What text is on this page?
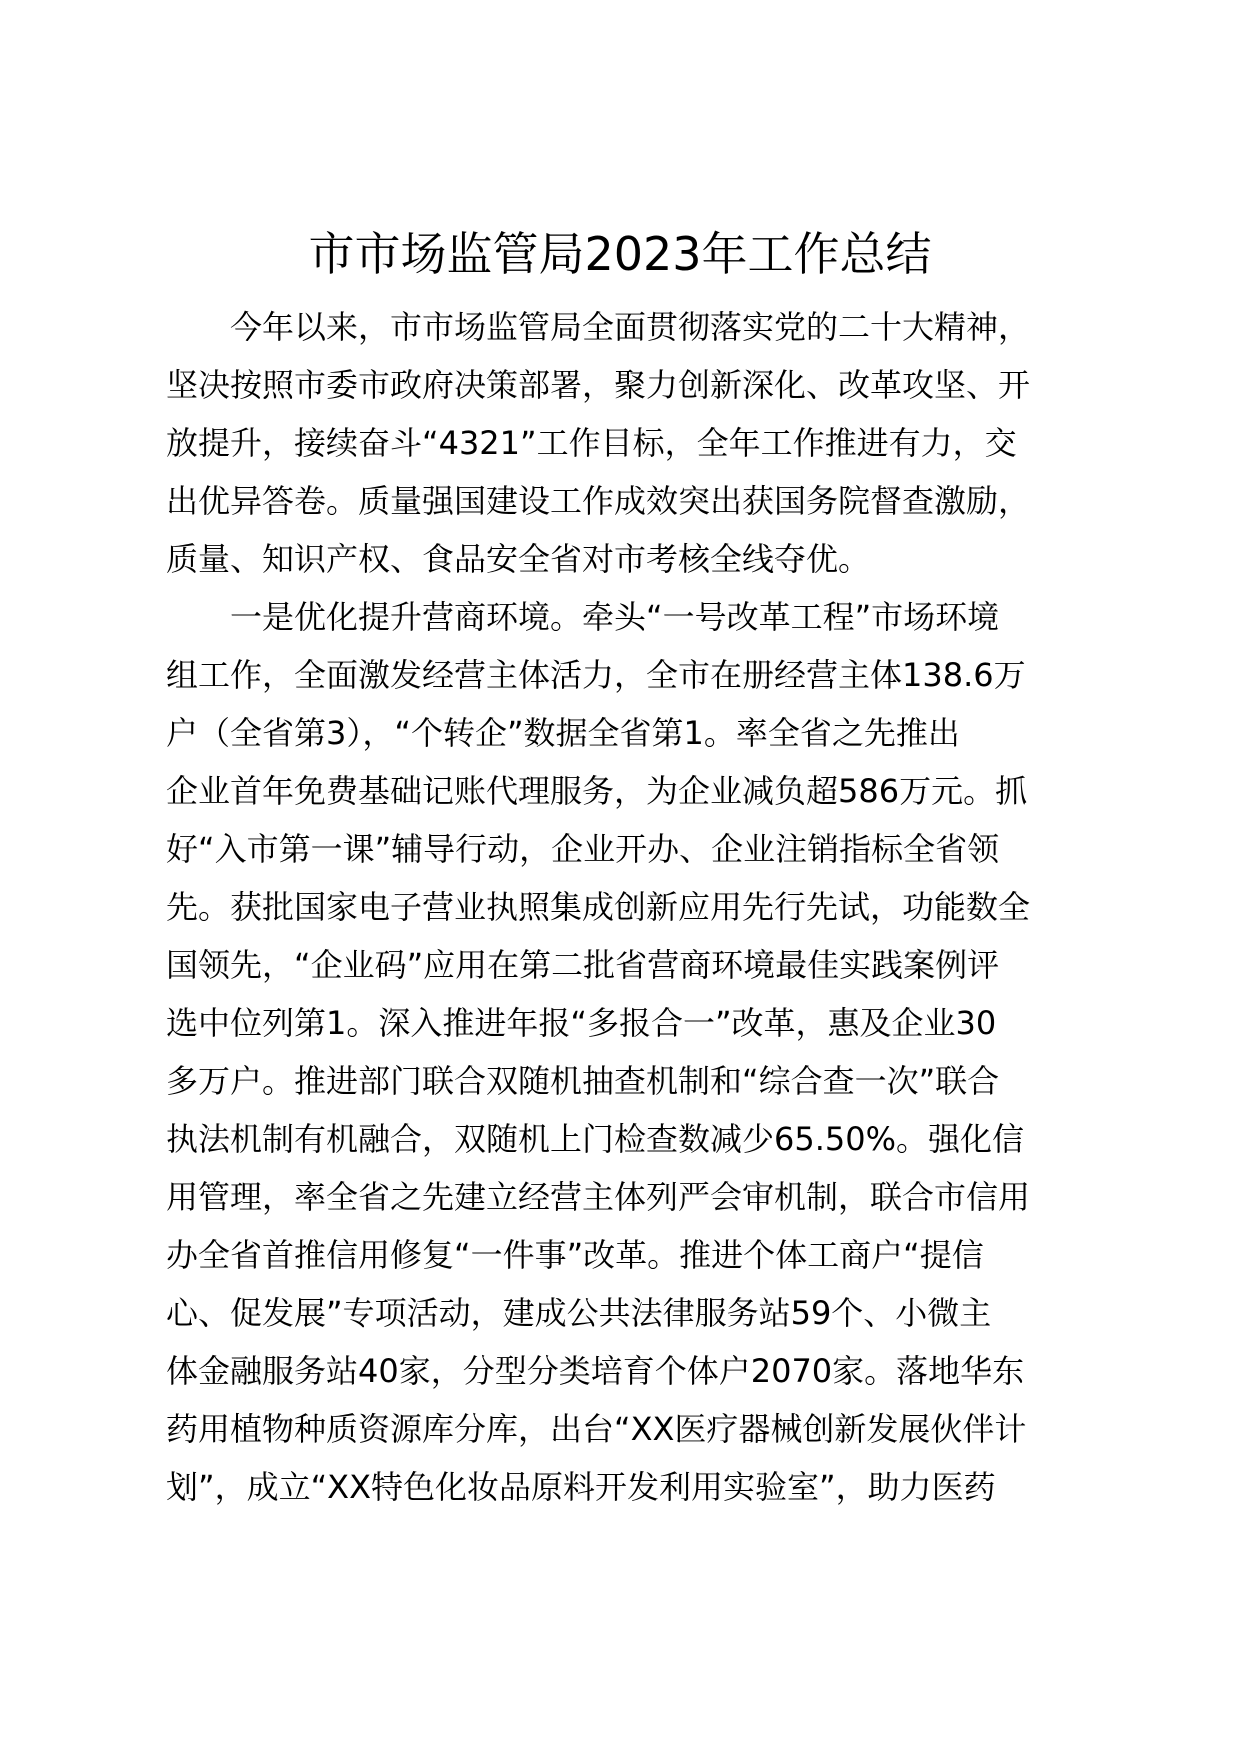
市市场监管局2023年工作总结

今年以来，市市场监管局全面贯彻落实党的二十大精神，
坚决按照市委市政府决策部署，聚力创新深化、改革攻坚、开
放提升，接续奋斗“4321”工作目标，全年工作推进有力，交
出优异答卷。质量强国建设工作成效突出获国务院督查激励，
质量、知识产权、食品安全省对市考核全线夺优。

一是优化提升营商环境。牵头“一号改革工程”市场环境
组工作，全面激发经营主体活力，全市在册经营主体138.6万
户（全省第3），“个转企”数据全省第1。率全省之先推出
企业首年免费基础记账代理服务，为企业减负超586万元。抓
好“入市第一课”辅导行动，企业开办、企业注销指标全省领
先。获批国家电子营业执照集成创新应用先行先试，功能数全
国领先，“企业码”应用在第二批省营商环境最佳实践案例评
选中位列第1。深入推进年报“多报合一”改革，惠及企业30
多万户。推进部门联合双随机抽查机制和“综合查一次”联合
执法机制有机融合，双随机上门检查数减少65.50%。强化信
用管理，率全省之先建立经营主体列严会审机制，联合市信用
办全省首推信用修复“一件事”改革。推进个体工商户“提信
心、促发展”专项活动，建成公共法律服务站59个、小微主
体金融服务站40家，分型分类培育个体户2070家。落地华东
药用植物种质资源库分库，出台“XX医疗器械创新发展伙伴计
划”，成立“XX特色化妆品原料开发利用实验室”，助力医药
